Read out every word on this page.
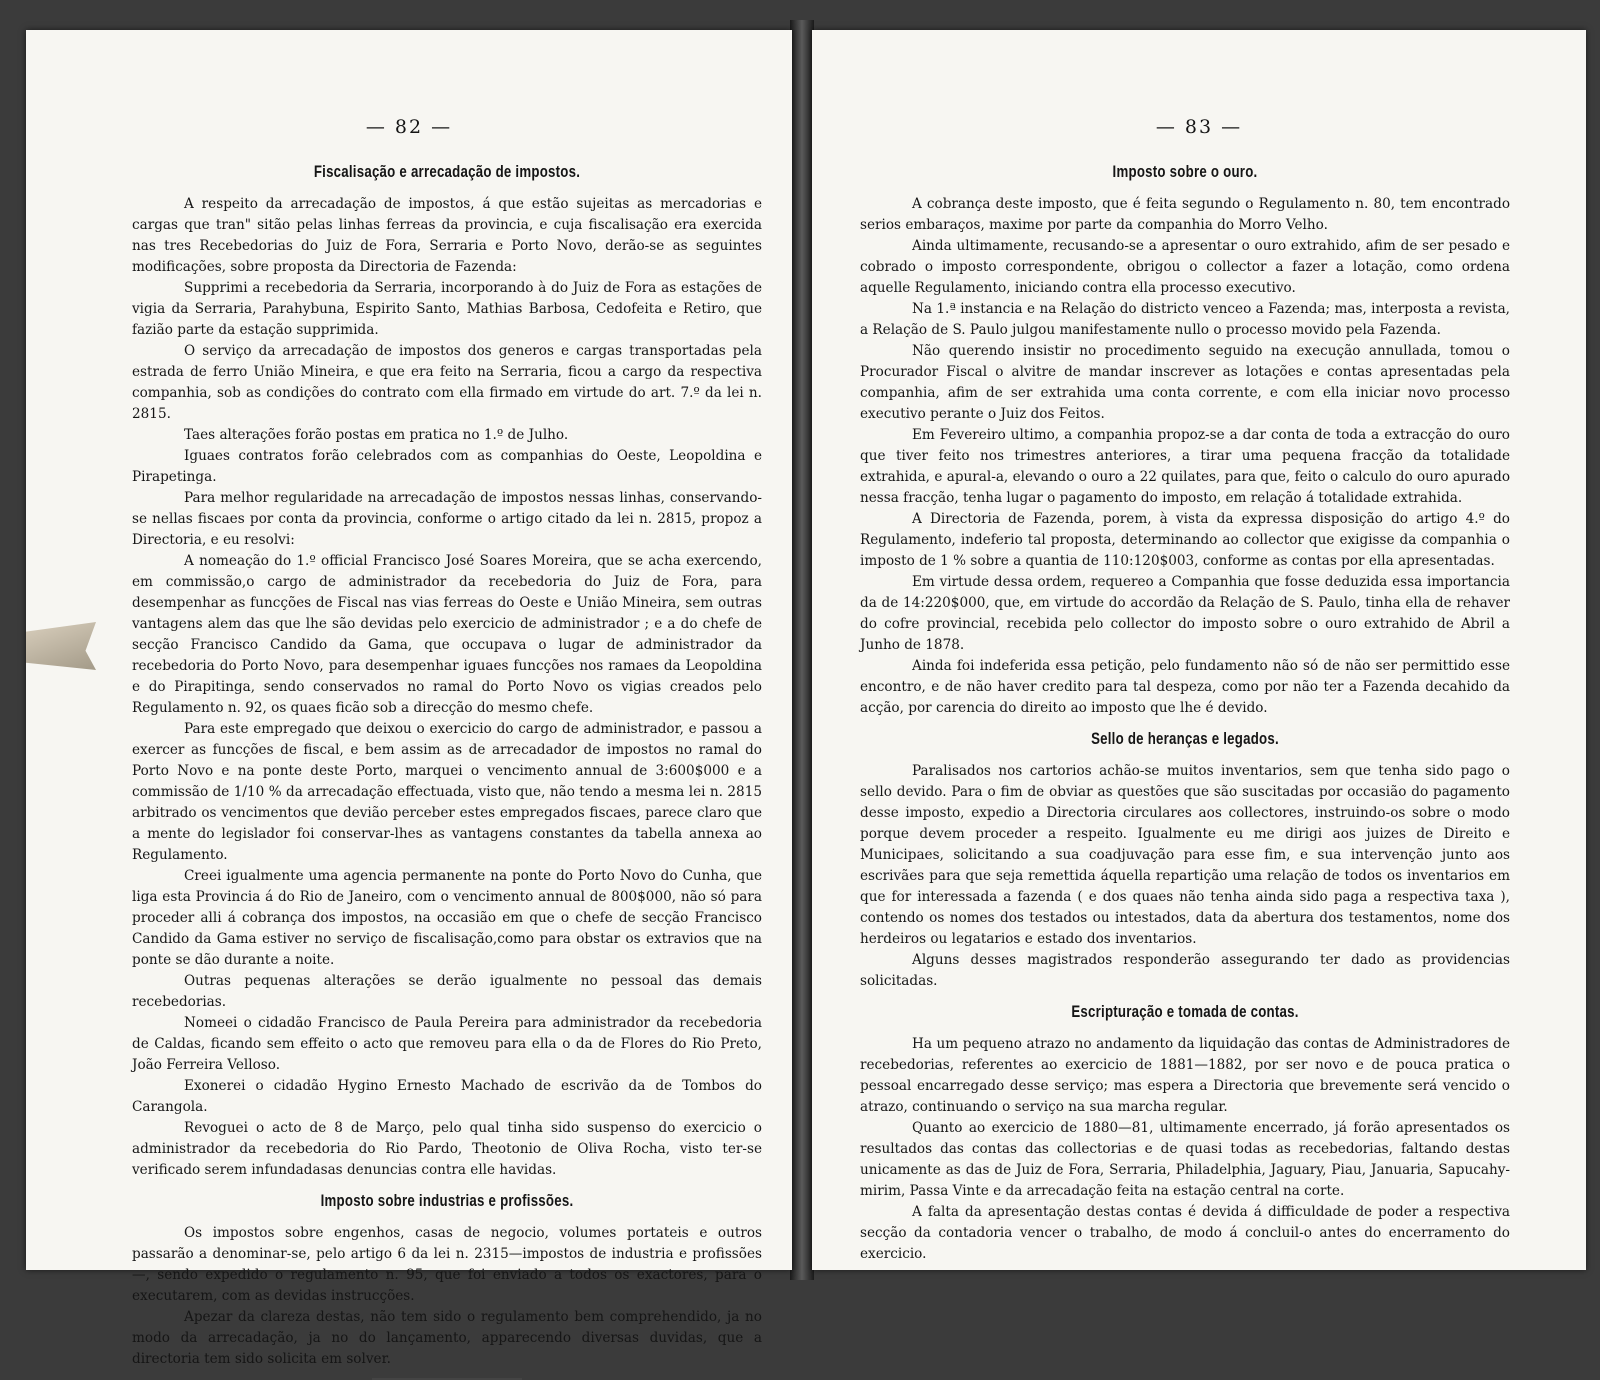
— 82 —
Fiscalisação e arrecadação de impostos.

A respeito da arrecadação de impostos, á que estão sujeitas as mercadorias e cargas que tran" sitão pelas linhas ferreas da provincia, e cuja fiscalisação era exercida nas tres Recebedorias do Juiz de Fora, Serraria e Porto Novo, derão-se as seguintes modificações, sobre proposta da Directoria de Fazenda:

Supprimi a recebedoria da Serraria, incorporando à do Juiz de Fora as estações de vigia da Serraria, Parahybuna, Espirito Santo, Mathias Barbosa, Cedofeita e Retiro, que fazião parte da estação supprimida.

O serviço da arrecadação de impostos dos generos e cargas transportadas pela estrada de ferro União Mineira, e que era feito na Serraria, ficou a cargo da respectiva companhia, sob as condições do contrato com ella firmado em virtude do art. 7.º da lei n. 2815.

Taes alterações forão postas em pratica no 1.º de Julho.

Iguaes contratos forão celebrados com as companhias do Oeste, Leopoldina e Pirapetinga.

Para melhor regularidade na arrecadação de impostos nessas linhas, conservando-se nellas fiscaes por conta da provincia, conforme o artigo citado da lei n. 2815, propoz a Directoria, e eu resolvi:

A nomeação do 1.º official Francisco José Soares Moreira, que se acha exercendo, em commissão,o cargo de administrador da recebedoria do Juiz de Fora, para desempenhar as funcções de Fiscal nas vias ferreas do Oeste e União Mineira, sem outras vantagens alem das que lhe são devidas pelo exercicio de administrador ; e a do chefe de secção Francisco Candido da Gama, que occupava o lugar de administrador da recebedoria do Porto Novo, para desempenhar iguaes funcções nos ramaes da Leopoldina e do Pirapitinga, sendo conservados no ramal do Porto Novo os vigias creados pelo Regulamento n. 92, os quaes ficão sob a direcção do mesmo chefe.

Para este empregado que deixou o exercicio do cargo de administrador, e passou a exercer as funcções de fiscal, e bem assim as de arrecadador de impostos no ramal do Porto Novo e na ponte deste Porto, marquei o vencimento annual de 3:600$000 e a commissão de 1/10 % da arrecadação effectuada, visto que, não tendo a mesma lei n. 2815 arbitrado os vencimentos que devião perceber estes empregados fiscaes, parece claro que a mente do legislador foi conservar-lhes as vantagens constantes da tabella annexa ao Regulamento.

Creei igualmente uma agencia permanente na ponte do Porto Novo do Cunha, que liga esta Provincia á do Rio de Janeiro, com o vencimento annual de 800$000, não só para proceder alli á cobrança dos impostos, na occasião em que o chefe de secção Francisco Candido da Gama estiver no serviço de fiscalisação,como para obstar os extravios que na ponte se dão durante a noite.

Outras pequenas alterações se derão igualmente no pessoal das demais recebedorias.

Nomeei o cidadão Francisco de Paula Pereira para administrador da recebedoria de Caldas, ficando sem effeito o acto que removeu para ella o da de Flores do Rio Preto, João Ferreira Velloso.

Exonerei o cidadão Hygino Ernesto Machado de escrivão da de Tombos do Carangola.

Revoguei o acto de 8 de Março, pelo qual tinha sido suspenso do exercicio o administrador da recebedoria do Rio Pardo, Theotonio de Oliva Rocha, visto ter-se verificado serem infundadasas denuncias contra elle havidas.

Imposto sobre industrias e profissões.

Os impostos sobre engenhos, casas de negocio, volumes portateis e outros passarão a denominar-se, pelo artigo 6 da lei n. 2315—impostos de industria e profissões—, sendo expedido o regulamento n. 95, que foi enviado a todos os exactores, para o executarem, com as devidas instrucções.

Apezar da clareza destas, não tem sido o regulamento bem comprehendido, ja no modo da arrecadação, ja no do lançamento, apparecendo diversas duvidas, que a directoria tem sido solicita em solver.

— 83 —
Imposto sobre o ouro.

A cobrança deste imposto, que é feita segundo o Regulamento n. 80, tem encontrado serios embaraços, maxime por parte da companhia do Morro Velho.

Ainda ultimamente, recusando-se a apresentar o ouro extrahido, afim de ser pesado e cobrado o imposto correspondente, obrigou o collector a fazer a lotação, como ordena aquelle Regulamento, iniciando contra ella processo executivo.

Na 1.ª instancia e na Relação do districto venceo a Fazenda; mas, interposta a revista, a Relação de S. Paulo julgou manifestamente nullo o processo movido pela Fazenda.

Não querendo insistir no procedimento seguido na execução annullada, tomou o Procurador Fiscal o alvitre de mandar inscrever as lotações e contas apresentadas pela companhia, afim de ser extrahida uma conta corrente, e com ella iniciar novo processo executivo perante o Juiz dos Feitos.

Em Fevereiro ultimo, a companhia propoz-se a dar conta de toda a extracção do ouro que tiver feito nos trimestres anteriores, a tirar uma pequena fracção da totalidade extrahida, e apural-a, elevando o ouro a 22 quilates, para que, feito o calculo do ouro apurado nessa fracção, tenha lugar o pagamento do imposto, em relação á totalidade extrahida.

A Directoria de Fazenda, porem, à vista da expressa disposição do artigo 4.º do Regulamento, indeferio tal proposta, determinando ao collector que exigisse da companhia o imposto de 1 % sobre a quantia de 110:120$003, conforme as contas por ella apresentadas.

Em virtude dessa ordem, requereo a Companhia que fosse deduzida essa importancia da de 14:220$000, que, em virtude do accordão da Relação de S. Paulo, tinha ella de rehaver do cofre provincial, recebida pelo collector do imposto sobre o ouro extrahido de Abril a Junho de 1878.

Ainda foi indeferida essa petição, pelo fundamento não só de não ser permittido esse encontro, e de não haver credito para tal despeza, como por não ter a Fazenda decahido da acção, por carencia do direito ao imposto que lhe é devido.

Sello de heranças e legados.

Paralisados nos cartorios achão-se muitos inventarios, sem que tenha sido pago o sello devido. Para o fim de obviar as questões que são suscitadas por occasião do pagamento desse imposto, expedio a Directoria circulares aos collectores, instruindo-os sobre o modo porque devem proceder a respeito. Igualmente eu me dirigi aos juizes de Direito e Municipaes, solicitando a sua coadjuvação para esse fim, e sua intervenção junto aos escrivães para que seja remettida áquella repartição uma relação de todos os inventarios em que for interessada a fazenda ( e dos quaes não tenha ainda sido paga a respectiva taxa ), contendo os nomes dos testados ou intestados, data da abertura dos testamentos, nome dos herdeiros ou legatarios e estado dos inventarios.

Alguns desses magistrados responderão assegurando ter dado as providencias solicitadas.

Escripturação e tomada de contas.

Ha um pequeno atrazo no andamento da liquidação das contas de Administradores de recebedorias, referentes ao exercicio de 1881—1882, por ser novo e de pouca pratica o pessoal encarregado desse serviço; mas espera a Directoria que brevemente será vencido o atrazo, continuando o serviço na sua marcha regular.

Quanto ao exercicio de 1880—81, ultimamente encerrado, já forão apresentados os resultados das contas das collectorias e de quasi todas as recebedorias, faltando destas unicamente as das de Juiz de Fora, Serraria, Philadelphia, Jaguary, Piau, Januaria, Sapucahy-mirim, Passa Vinte e da arrecadação feita na estação central na corte.

A falta da apresentação destas contas é devida á difficuldade de poder a respectiva secção da contadoria vencer o trabalho, de modo á concluil-o antes do encerramento do exercicio.
